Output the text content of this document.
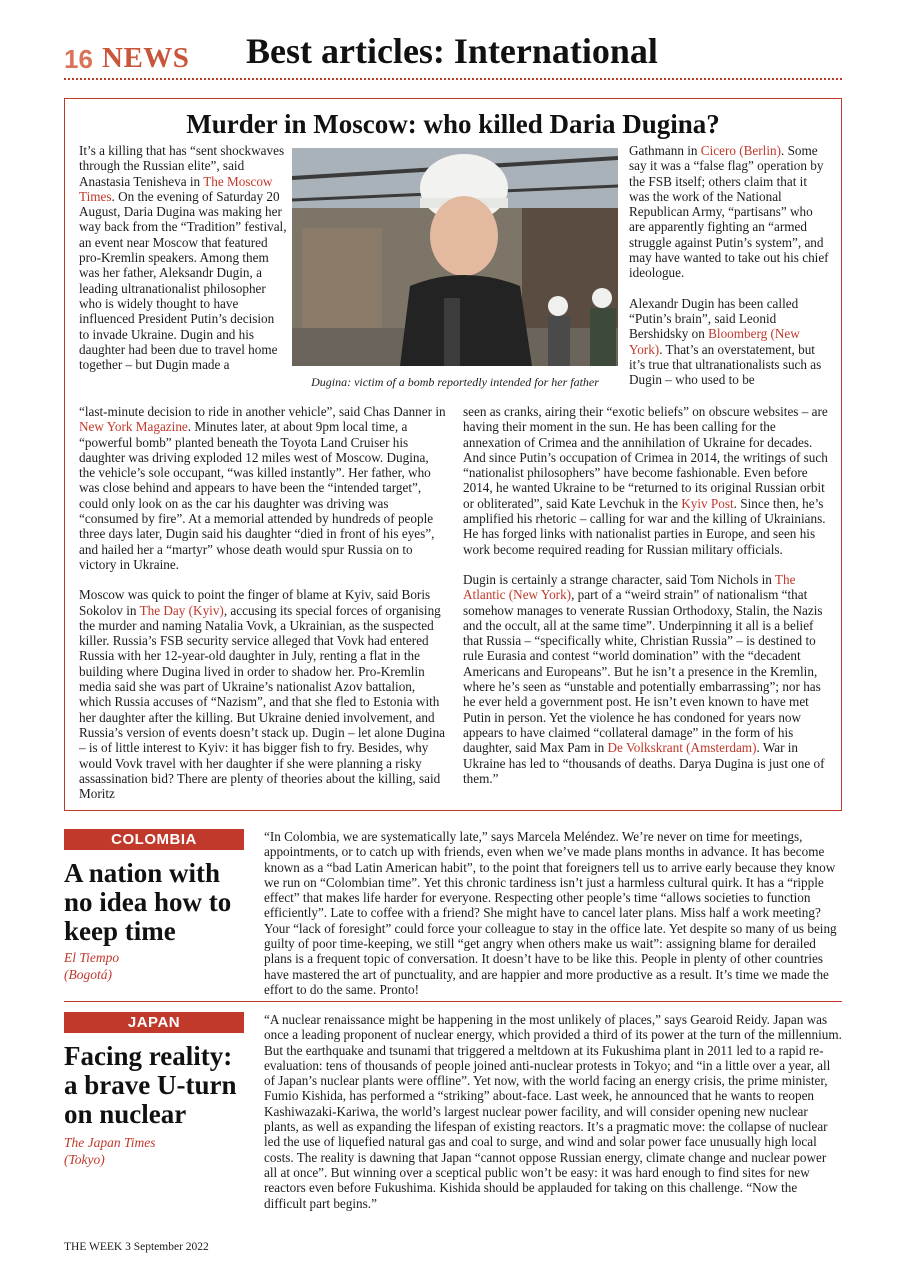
16 NEWS Best articles: International
Murder in Moscow: who killed Daria Dugina?

It’s a killing that has “sent shockwaves through the Russian elite”, said Anastasia Tenisheva in The Moscow Times. On the evening of Saturday 20 August, Daria Dugina was making her way back from the “Tradition” festival, an event near Moscow that featured pro-Kremlin speakers. Among them was her father, Aleksandr Dugin, a leading ultranationalist philosopher who is widely thought to have influenced President Putin’s decision to invade Ukraine. Dugin and his daughter had been due to travel home together – but Dugin made a

Dugina: victim of a bomb reportedly intended for her father

Gathmann in Cicero (Berlin). Some say it was a “false flag” operation by the FSB itself; others claim that it was the work of the National Republican Army, “partisans” who are apparently fighting an “armed struggle against Putin’s system”, and may have wanted to take out his chief ideologue.

Alexandr Dugin has been called “Putin’s brain”, said Leonid Bershidsky on Bloomberg (New York). That’s an overstatement, but it’s true that ultranationalists such as Dugin – who used to be

“last-minute decision to ride in another vehicle”, said Chas Danner in New York Magazine. Minutes later, at about 9pm local time, a “powerful bomb” planted beneath the Toyota Land Cruiser his daughter was driving exploded 12 miles west of Moscow. Dugina, the vehicle’s sole occupant, “was killed instantly”. Her father, who was close behind and appears to have been the “intended target”, could only look on as the car his daughter was driving was “consumed by fire”. At a memorial attended by hundreds of people three days later, Dugin said his daughter “died in front of his eyes”, and hailed her a “martyr” whose death would spur Russia on to victory in Ukraine.

Moscow was quick to point the finger of blame at Kyiv, said Boris Sokolov in The Day (Kyiv), accusing its special forces of organising the murder and naming Natalia Vovk, a Ukrainian, as the suspected killer. Russia’s FSB security service alleged that Vovk had entered Russia with her 12-year-old daughter in July, renting a flat in the building where Dugina lived in order to shadow her. Pro-Kremlin media said she was part of Ukraine’s nationalist Azov battalion, which Russia accuses of “Nazism”, and that she fled to Estonia with her daughter after the killing. But Ukraine denied involvement, and Russia’s version of events doesn’t stack up. Dugin – let alone Dugina – is of little interest to Kyiv: it has bigger fish to fry. Besides, why would Vovk travel with her daughter if she were planning a risky assassination bid? There are plenty of theories about the killing, said Moritz

seen as cranks, airing their “exotic beliefs” on obscure websites – are having their moment in the sun. He has been calling for the annexation of Crimea and the annihilation of Ukraine for decades. And since Putin’s occupation of Crimea in 2014, the writings of such “nationalist philosophers” have become fashionable. Even before 2014, he wanted Ukraine to be “returned to its original Russian orbit or obliterated”, said Kate Levchuk in the Kyiv Post. Since then, he’s amplified his rhetoric – calling for war and the killing of Ukrainians. He has forged links with nationalist parties in Europe, and seen his work become required reading for Russian military officials.

Dugin is certainly a strange character, said Tom Nichols in The Atlantic (New York), part of a “weird strain” of nationalism “that somehow manages to venerate Russian Orthodoxy, Stalin, the Nazis and the occult, all at the same time”. Underpinning it all is a belief that Russia – “specifically white, Christian Russia” – is destined to rule Eurasia and contest “world domination” with the “decadent Americans and Europeans”. But he isn’t a presence in the Kremlin, where he’s seen as “unstable and potentially embarrassing”; nor has he ever held a government post. He isn’t even known to have met Putin in person. Yet the violence he has condoned for years now appears to have claimed “collateral damage” in the form of his daughter, said Max Pam in De Volkskrant (Amsterdam). War in Ukraine has led to “thousands of deaths. Darya Dugina is just one of them.”

COLOMBIA
A nation with no idea how to keep time
El Tiempo
(Bogotá)
“In Colombia, we are systematically late,” says Marcela Meléndez. We’re never on time for meetings, appointments, or to catch up with friends, even when we’ve made plans months in advance. It has become known as a “bad Latin American habit”, to the point that foreigners tell us to arrive early because they know we run on “Colombian time”. Yet this chronic tardiness isn’t just a harmless cultural quirk. It has a “ripple effect” that makes life harder for everyone. Respecting other people’s time “allows societies to function efficiently”. Late to coffee with a friend? She might have to cancel later plans. Miss half a work meeting? Your “lack of foresight” could force your colleague to stay in the office late. Yet despite so many of us being guilty of poor time-keeping, we still “get angry when others make us wait”: assigning blame for derailed plans is a frequent topic of conversation. It doesn’t have to be like this. People in plenty of other countries have mastered the art of punctuality, and are happier and more productive as a result. It’s time we made the effort to do the same. Pronto!
JAPAN
Facing reality: a brave U-turn on nuclear
The Japan Times
(Tokyo)
“A nuclear renaissance might be happening in the most unlikely of places,” says Gearoid Reidy. Japan was once a leading proponent of nuclear energy, which provided a third of its power at the turn of the millennium. But the earthquake and tsunami that triggered a meltdown at its Fukushima plant in 2011 led to a rapid re-evaluation: tens of thousands of people joined anti-nuclear protests in Tokyo; and “in a little over a year, all of Japan’s nuclear plants were offline”. Yet now, with the world facing an energy crisis, the prime minister, Fumio Kishida, has performed a “striking” about-face. Last week, he announced that he wants to reopen Kashiwazaki-Kariwa, the world’s largest nuclear power facility, and will consider opening new nuclear plants, as well as expanding the lifespan of existing reactors. It’s a pragmatic move: the collapse of nuclear led the use of liquefied natural gas and coal to surge, and wind and solar power face unusually high local costs. The reality is dawning that Japan “cannot oppose Russian energy, climate change and nuclear power all at once”. But winning over a sceptical public won’t be easy: it was hard enough to find sites for new reactors even before Fukushima. Kishida should be applauded for taking on this challenge. “Now the difficult part begins.”
THE WEEK 3 September 2022
